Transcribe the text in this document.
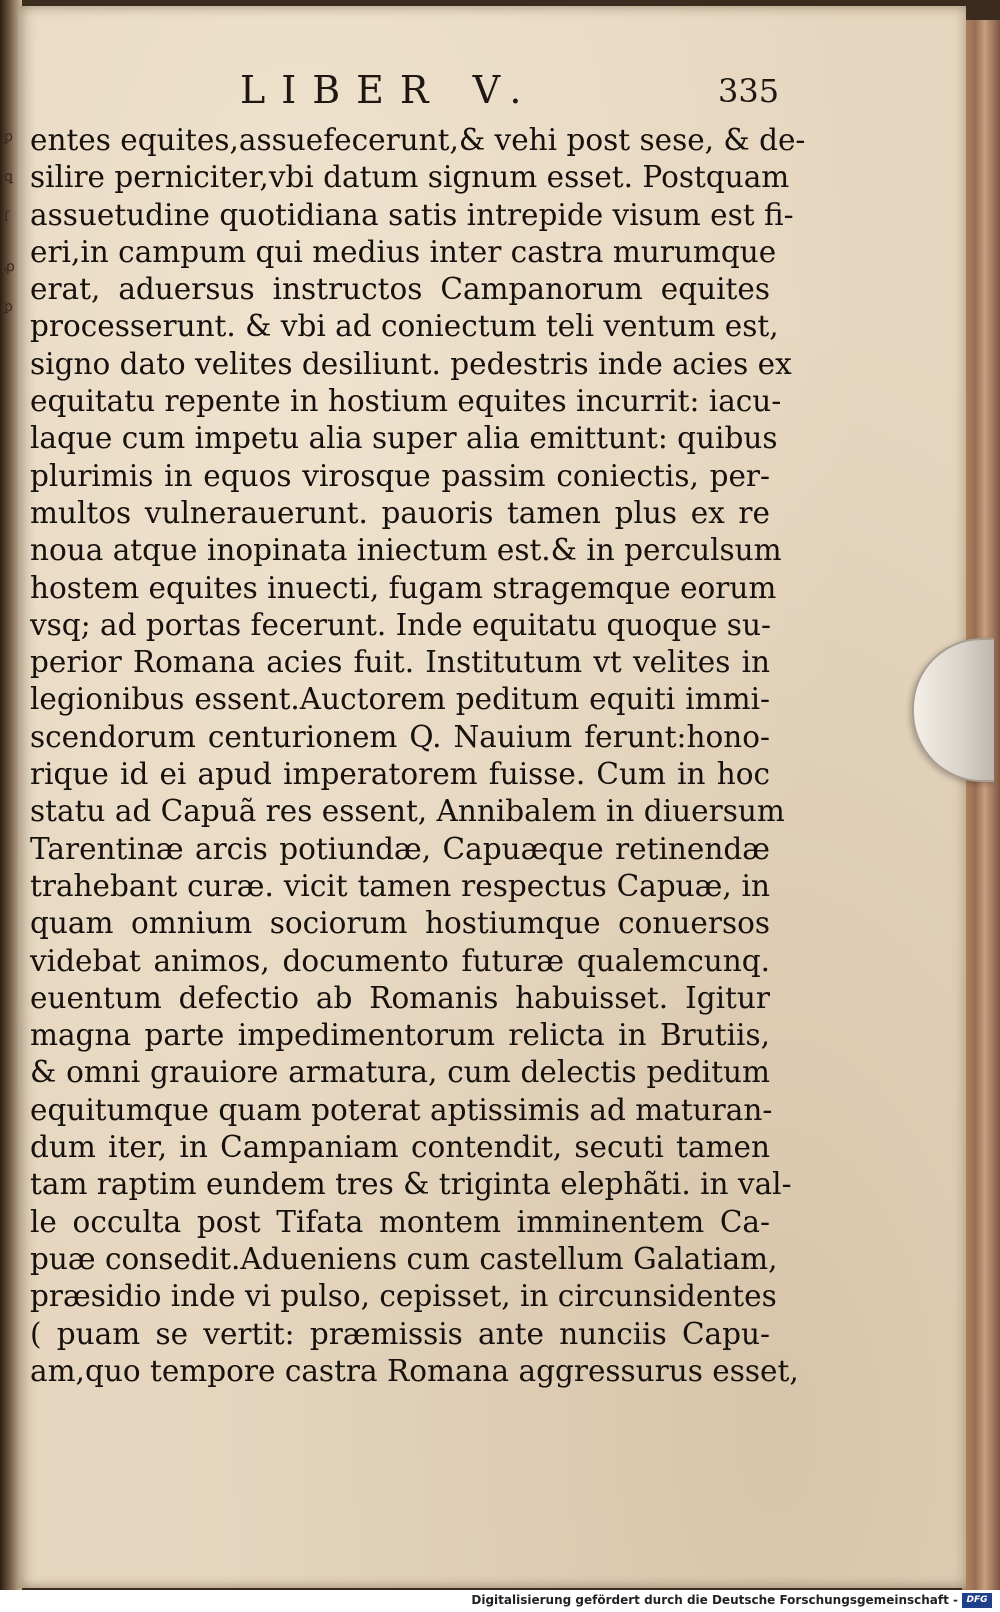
ꝑ
ꝗ
ſ
ꝓ
ꝑ
LIBER V.	335
entes equites,assuefecerunt,& vehi post sese, & de-
silire perniciter,vbi datum signum esset. Postquam
assuetudine quotidiana satis intrepide visum est fi-
eri,in campum qui medius inter castra murumque
erat, aduersus instructos Campanorum equites
processerunt. & vbi ad coniectum teli ventum est,
signo dato velites desiliunt. pedestris inde acies ex
equitatu repente in hostium equites incurrit: iacu-
laque cum impetu alia super alia emittunt: quibus
plurimis in equos virosque passim coniectis, per-
multos vulnerauerunt. pauoris tamen plus ex re
noua atque inopinata iniectum est.& in perculsum
hostem equites inuecti, fugam stragemque eorum
vsq; ad portas fecerunt. Inde equitatu quoque su-
perior Romana acies fuit. Institutum vt velites in
legionibus essent.Auctorem peditum equiti immi-
scendorum centurionem Q. Nauium ferunt:hono-
rique id ei apud imperatorem fuisse. Cum in hoc
statu ad Capuã res essent, Annibalem in diuersum
Tarentinæ arcis potiundæ, Capuæque retinendæ
trahebant curæ. vicit tamen respectus Capuæ, in
quam omnium sociorum hostiumque conuersos
videbat animos, documento futuræ qualemcunq.
euentum defectio ab Romanis habuisset. Igitur
magna parte impedimentorum relicta in Brutiis,
& omni grauiore armatura, cum delectis peditum
equitumque quam poterat aptissimis ad maturan-
dum iter, in Campaniam contendit, secuti tamen
tam raptim eundem tres & triginta elephãti. in val-
le occulta post Tifata montem imminentem Ca-
puæ consedit.Adueniens cum castellum Galatiam,
præsidio inde vi pulso, cepisset, in circunsidentes
( puam se vertit: præmissis ante nunciis Capu-
am,quo tempore castra Romana aggressurus esset,
Digitalisierung gefördert durch die Deutsche Forschungsgemeinschaft - DFG
